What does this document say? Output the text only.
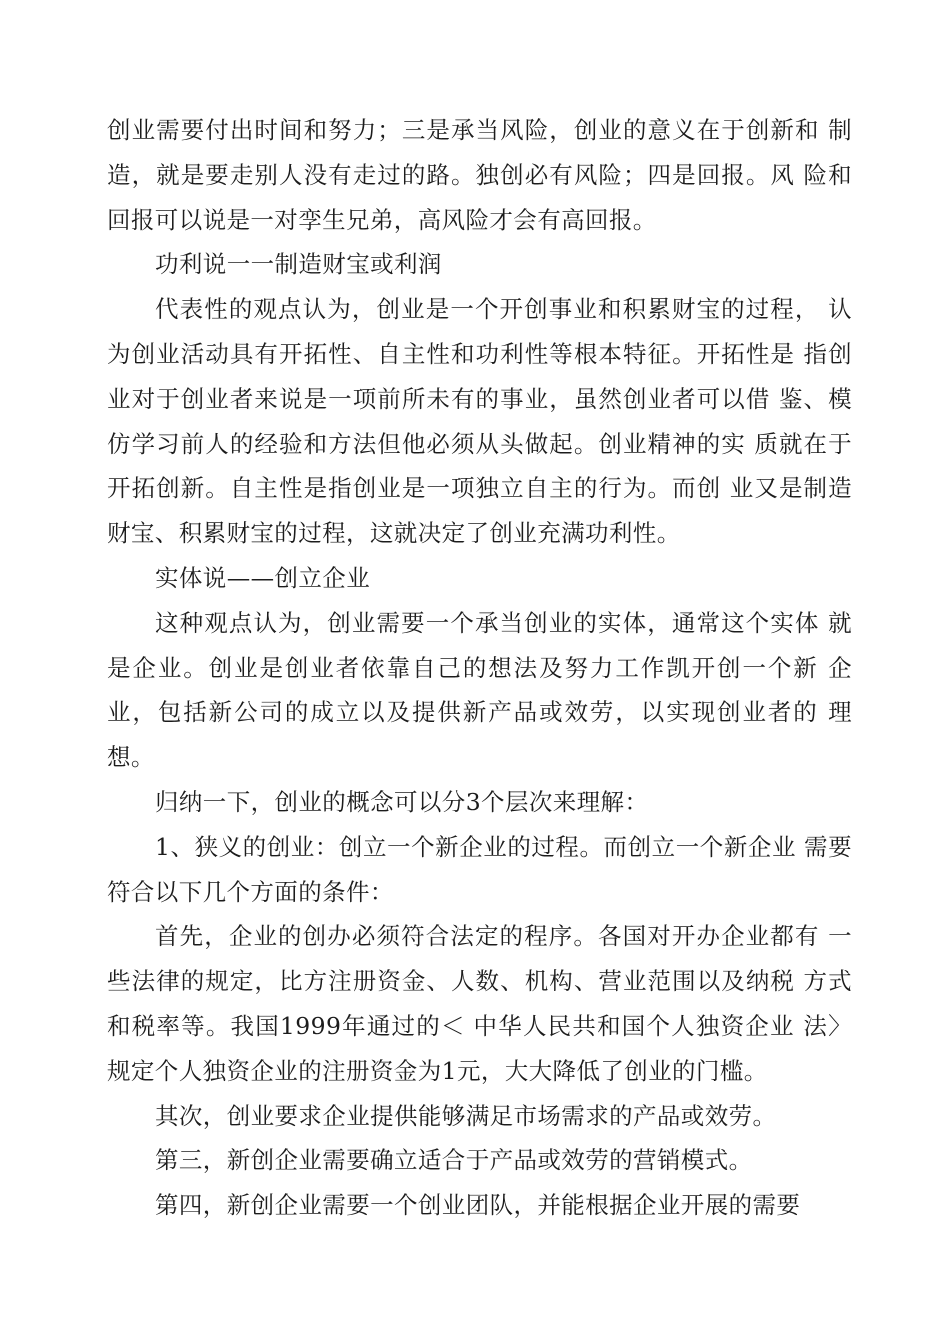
创业需要付出时间和努力；三是承当风险，创业的意义在于创新和 制造，就是要走别人没有走过的路。独创必有风险；四是回报。风 险和回报可以说是一对孪生兄弟，高风险才会有高回报。

功利说一一制造财宝或利润

代表性的观点认为，创业是一个开创事业和积累财宝的过程， 认为创业活动具有开拓性、自主性和功利性等根本特征。开拓性是 指创业对于创业者来说是一项前所未有的事业，虽然创业者可以借 鉴、模仿学习前人的经验和方法但他必须从头做起。创业精神的实 质就在于开拓创新。自主性是指创业是一项独立自主的行为。而创 业又是制造财宝、积累财宝的过程，这就决定了创业充满功利性。

实体说——创立企业

这种观点认为，创业需要一个承当创业的实体，通常这个实体 就是企业。创业是创业者依靠自己的想法及努力工作凯开创一个新 企业，包括新公司的成立以及提供新产品或效劳，以实现创业者的 理想。

归纳一下，创业的概念可以分3个层次来理解：

1、狭义的创业：创立一个新企业的过程。而创立一个新企业 需要符合以下几个方面的条件：

首先，企业的创办必须符合法定的程序。各国对开办企业都有 一些法律的规定，比方注册资金、人数、机构、营业范围以及纳税 方式和税率等。我国1999年通过的＜ 中华人民共和国个人独资企业 法〉规定个人独资企业的注册资金为1元，大大降低了创业的门槛。

其次，创业要求企业提供能够满足市场需求的产品或效劳。

第三，新创企业需要确立适合于产品或效劳的营销模式。

第四，新创企业需要一个创业团队，并能根据企业开展的需要
